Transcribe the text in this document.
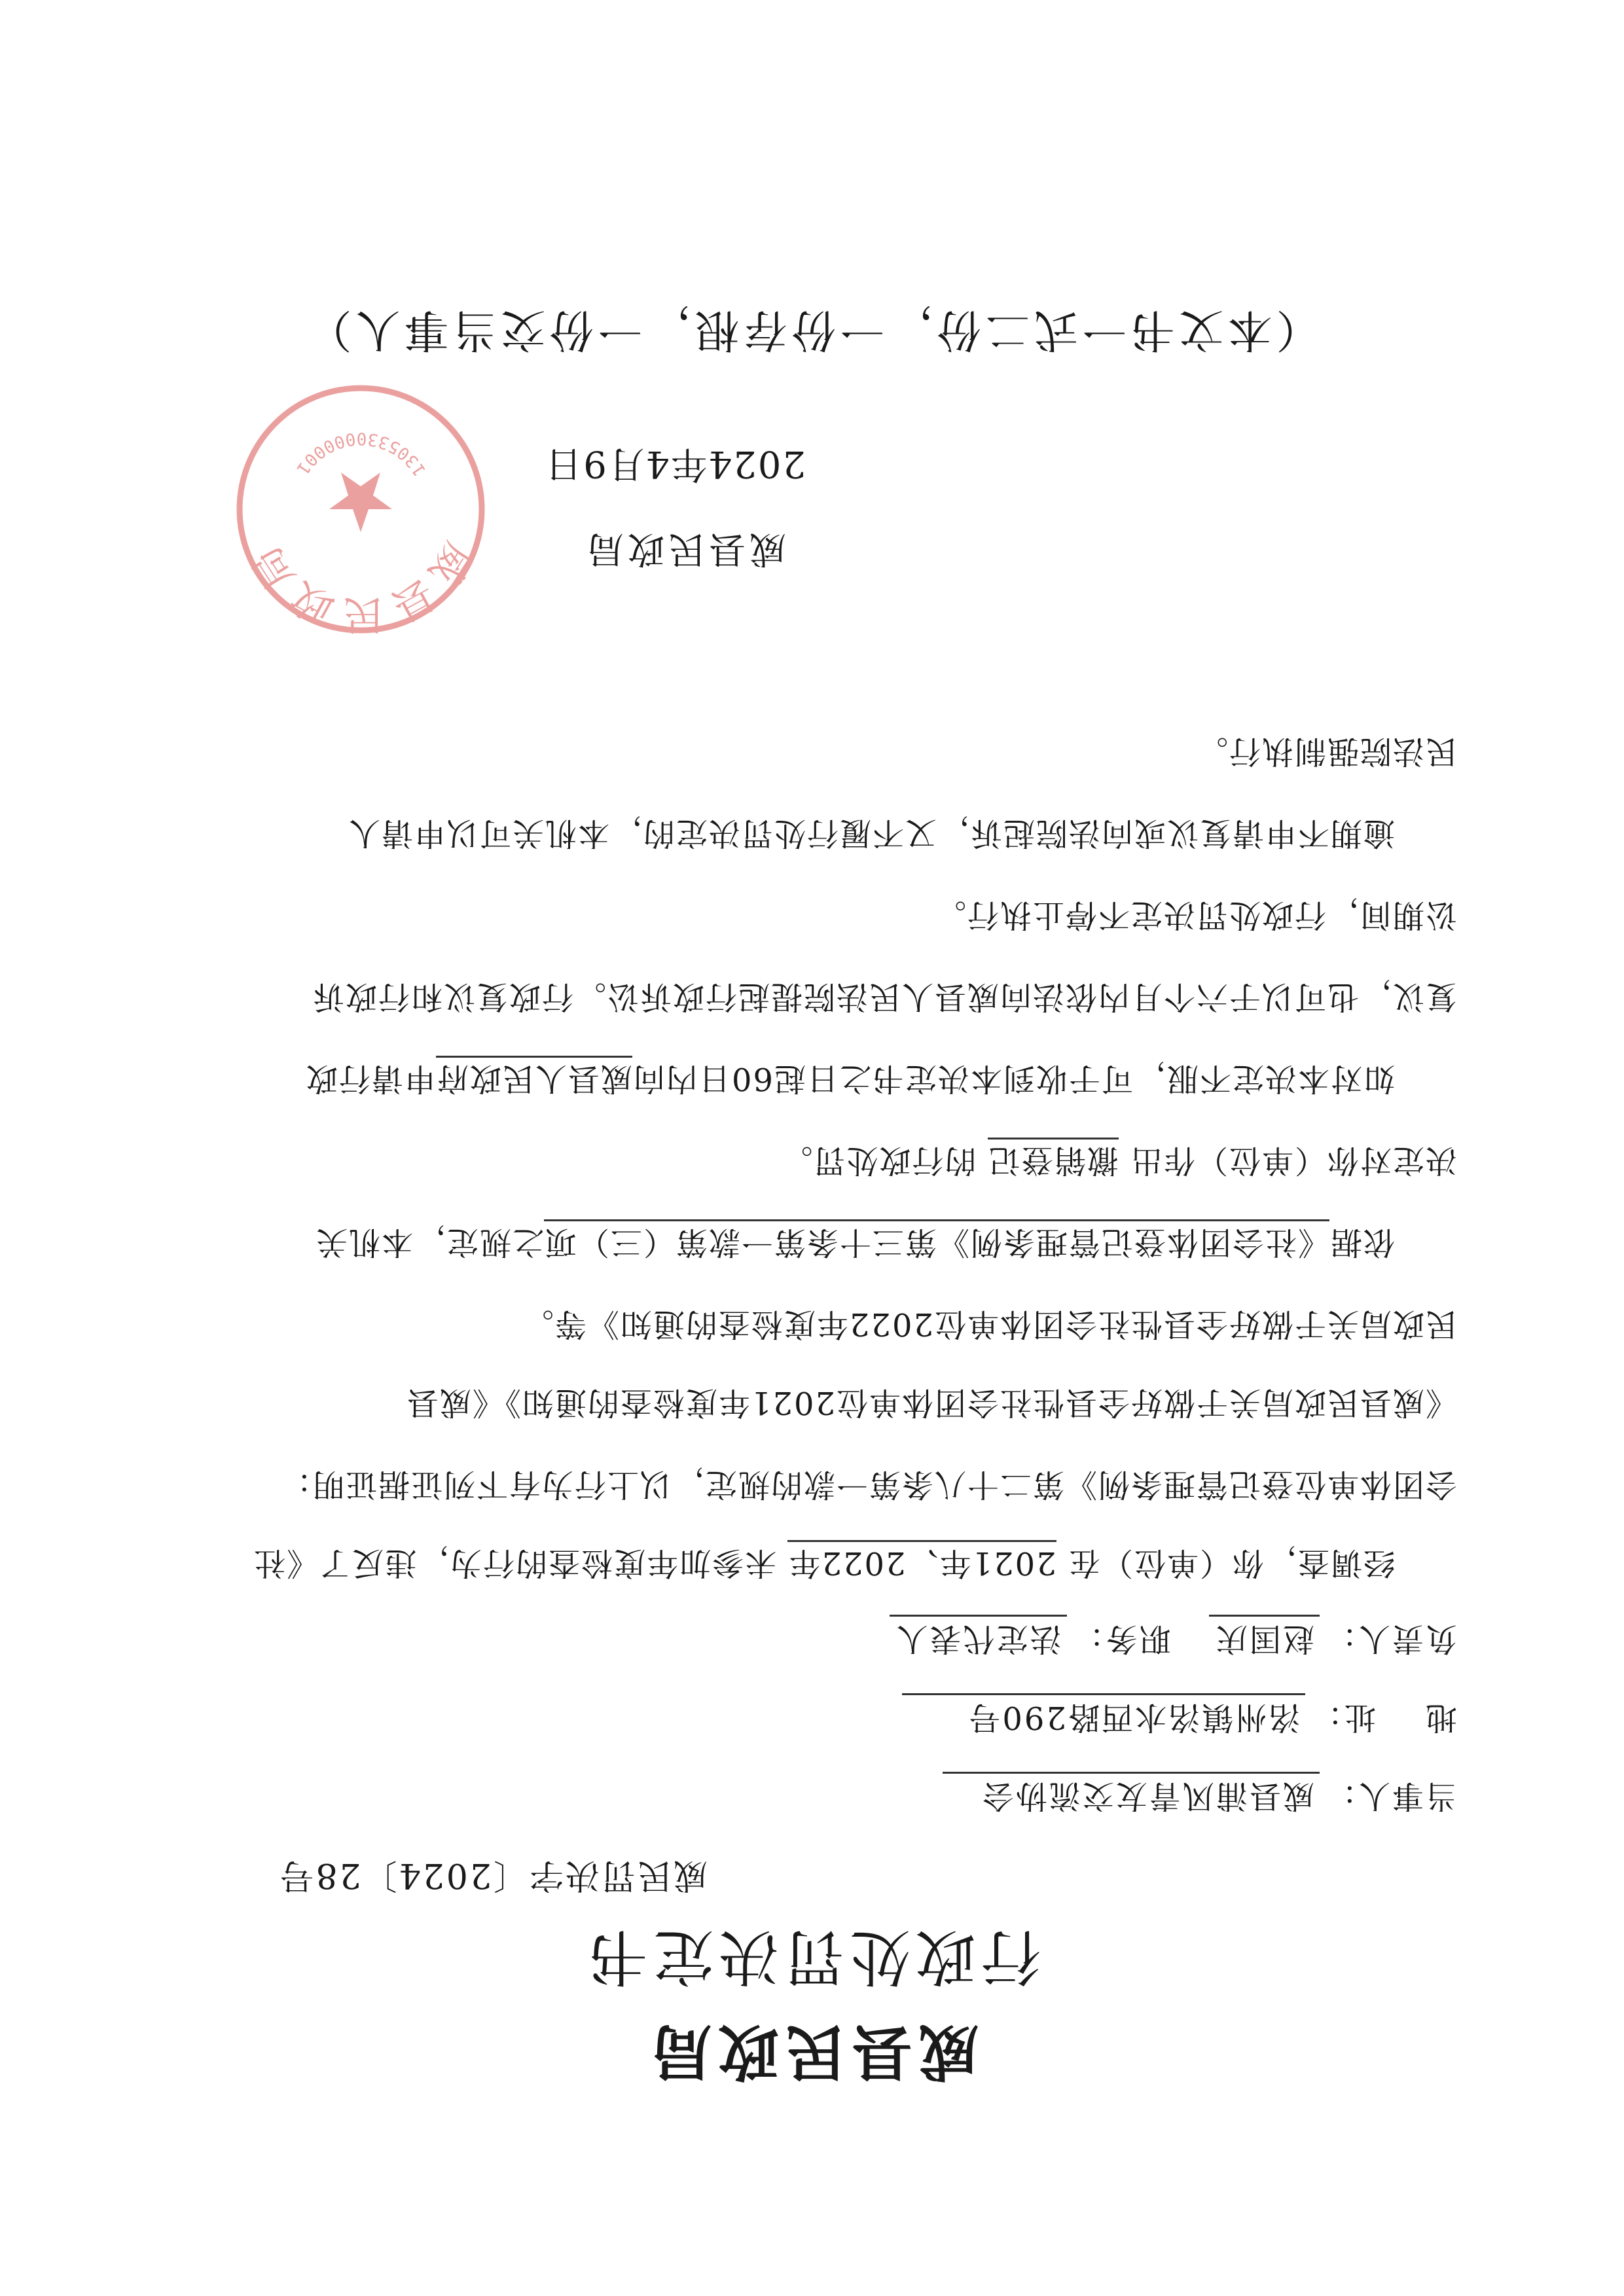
威县民政局
行政处罚决定书
威民罚决字〔2024〕28号
当事人：威县浦风青友交流协会
地    址：洺州镇洺水西路290号
负责人：赵国庆 职务：法定代表人
经调查，你（单位）在 2021年、2022年 未参加年度检查的行为，违反了《社
会团体单位登记管理条例》第二十八条第一款的规定，以上行为有下列证据证明：
《威县民政局关于做好全县性社会团体单位2021年度检查的通知》《威县
民政局关于做好全县性社会团体单位2022年度检查的通知》等。
依据《社会团体登记管理条例》第三十条第一款第（三）项之规定，本机关
决定对你（单位）作出 撤销登记 的行政处罚。
如对本决定不服，可于收到本决定书之日起60日内向威县人民政府申请行政
复议，也可以于六个月内依法向威县人民法院提起行政诉讼。行政复议和行政诉
讼期间，行政处罚决定不停止执行。
逾期不申请复议或向法院起诉，又不履行处罚决定的，本机关可以申请人
民法院强制执行。
威县民政局
2024年4月9日
威县民政局
1305330000001
（本文书一式二份，一份存根，一份交当事人）
